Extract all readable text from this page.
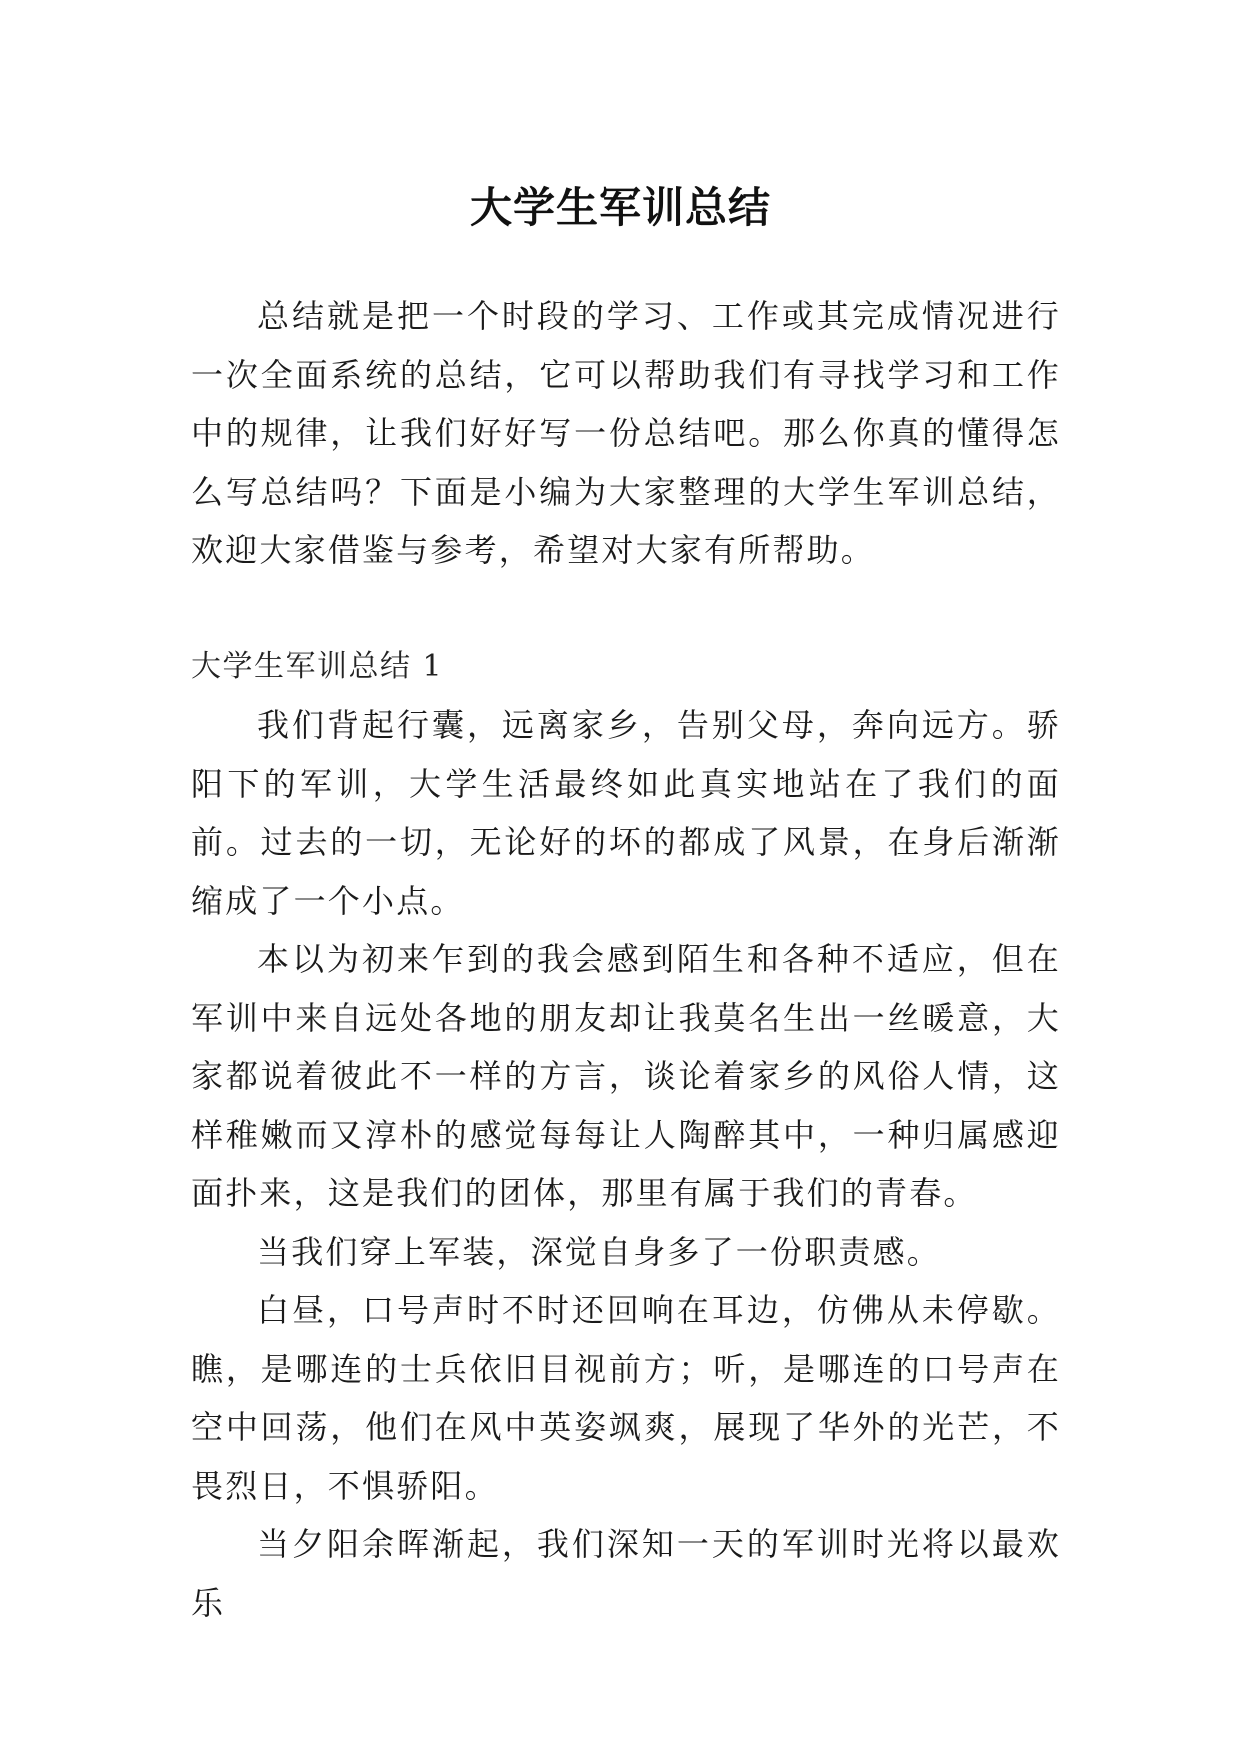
大学生军训总结

总结就是把一个时段的学习、工作或其完成情况进行一次全面系统的总结，它可以帮助我们有寻找学习和工作中的规律，让我们好好写一份总结吧。那么你真的懂得怎么写总结吗？下面是小编为大家整理的大学生军训总结，欢迎大家借鉴与参考，希望对大家有所帮助。

大学生军训总结 1

我们背起行囊，远离家乡，告别父母，奔向远方。骄阳下的军训，大学生活最终如此真实地站在了我们的面前。过去的一切，无论好的坏的都成了风景，在身后渐渐缩成了一个小点。

本以为初来乍到的我会感到陌生和各种不适应，但在军训中来自远处各地的朋友却让我莫名生出一丝暖意，大家都说着彼此不一样的方言，谈论着家乡的风俗人情，这样稚嫩而又淳朴的感觉每每让人陶醉其中，一种归属感迎面扑来，这是我们的团体，那里有属于我们的青春。

当我们穿上军装，深觉自身多了一份职责感。

白昼，口号声时不时还回响在耳边，仿佛从未停歇。瞧，是哪连的士兵依旧目视前方；听，是哪连的口号声在空中回荡，他们在风中英姿飒爽，展现了华外的光芒，不畏烈日，不惧骄阳。

当夕阳余晖渐起，我们深知一天的军训时光将以最欢乐
